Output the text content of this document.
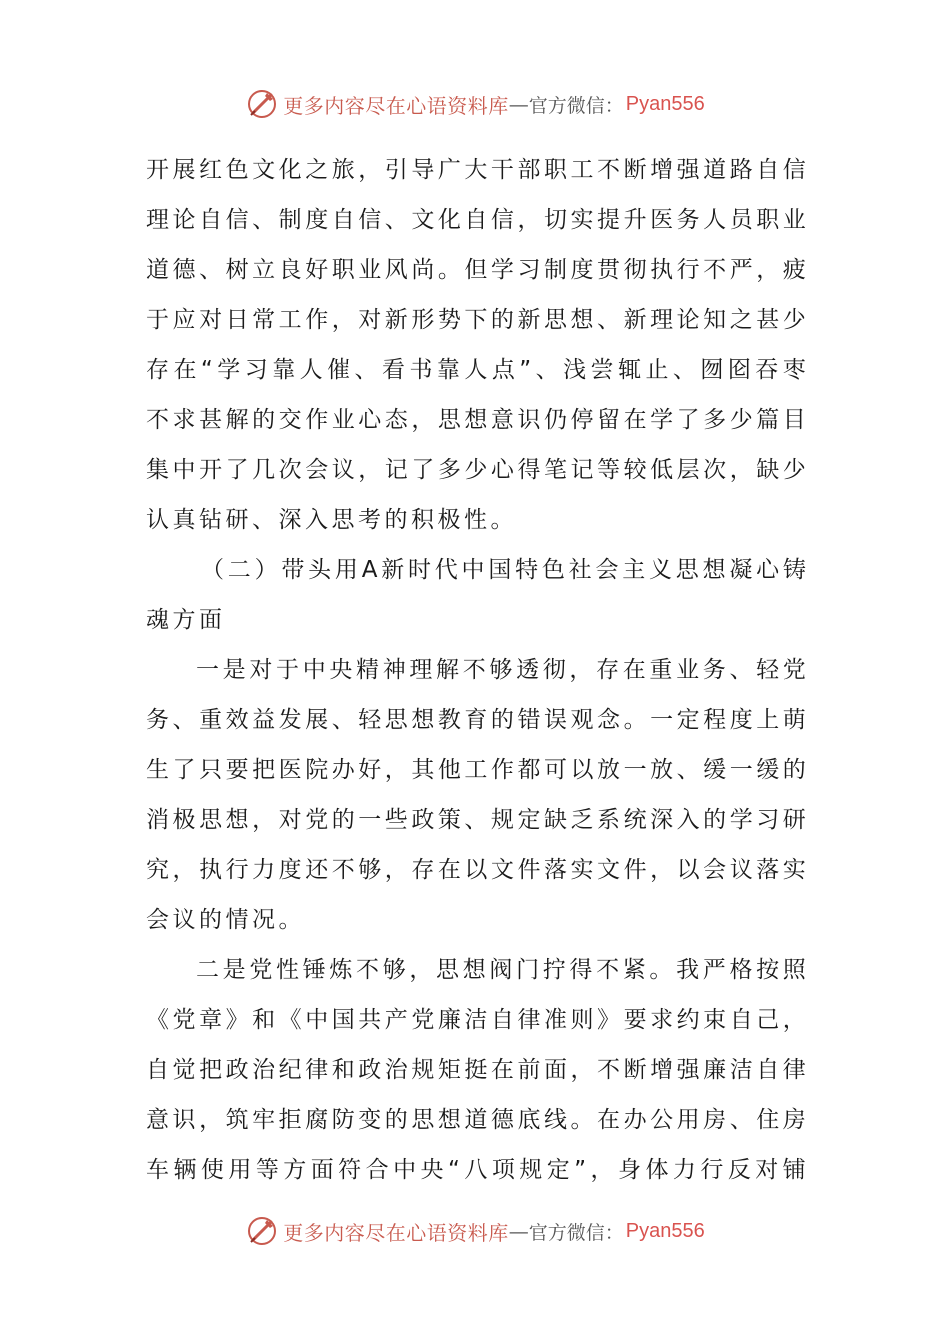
更多内容尽在心语资料库 — 官方微信： Pyan556
开 展 红 色 文 化 之 旅 ， 引 导 广 大 干 部 职 工 不 断 增 强 道 路 自 信
理 论 自 信 、 制 度 自 信 、 文 化 自 信 ， 切 实 提 升 医 务 人 员 职 业
道 德 、 树 立 良 好 职 业 风 尚 。 但 学 习 制 度 贯 彻 执 行 不 严 ， 疲
于 应 对 日 常 工 作 ， 对 新 形 势 下 的 新 思 想 、 新 理 论 知 之 甚 少
存 在 “ 学 习 靠 人 催 、 看 书 靠 人 点 ” 、 浅 尝 辄 止 、 囫 囵 吞 枣
不 求 甚 解 的 交 作 业 心 态 ， 思 想 意 识 仍 停 留 在 学 了 多 少 篇 目
集 中 开 了 几 次 会 议 ， 记 了 多 少 心 得 笔 记 等 较 低 层 次 ， 缺 少
认真钻研、深入思考的积极性。
（ 二 ） 带 头 用 A 新 时 代 中 国 特 色 社 会 主 义 思 想 凝 心 铸
魂方面
一 是 对 于 中 央 精 神 理 解 不 够 透 彻 ， 存 在 重 业 务 、 轻 党
务 、 重 效 益 发 展 、 轻 思 想 教 育 的 错 误 观 念 。 一 定 程 度 上 萌
生 了 只 要 把 医 院 办 好 ， 其 他 工 作 都 可 以 放 一 放 、 缓 一 缓 的
消 极 思 想 ， 对 党 的 一 些 政 策 、 规 定 缺 乏 系 统 深 入 的 学 习 研
究 ， 执 行 力 度 还 不 够 ， 存 在 以 文 件 落 实 文 件 ， 以 会 议 落 实
会议的情况。
二 是 党 性 锤 炼 不 够 ， 思 想 阀 门 拧 得 不 紧 。 我 严 格 按 照
《 党 章 》 和 《 中 国 共 产 党 廉 洁 自 律 准 则 》 要 求 约 束 自 己 ，
自 觉 把 政 治 纪 律 和 政 治 规 矩 挺 在 前 面 ， 不 断 增 强 廉 洁 自 律
意 识 ， 筑 牢 拒 腐 防 变 的 思 想 道 德 底 线 。 在 办 公 用 房 、 住 房
车 辆 使 用 等 方 面 符 合 中 央 “ 八 项 规 定 ” ， 身 体 力 行 反 对 铺
更多内容尽在心语资料库 — 官方微信： Pyan556
